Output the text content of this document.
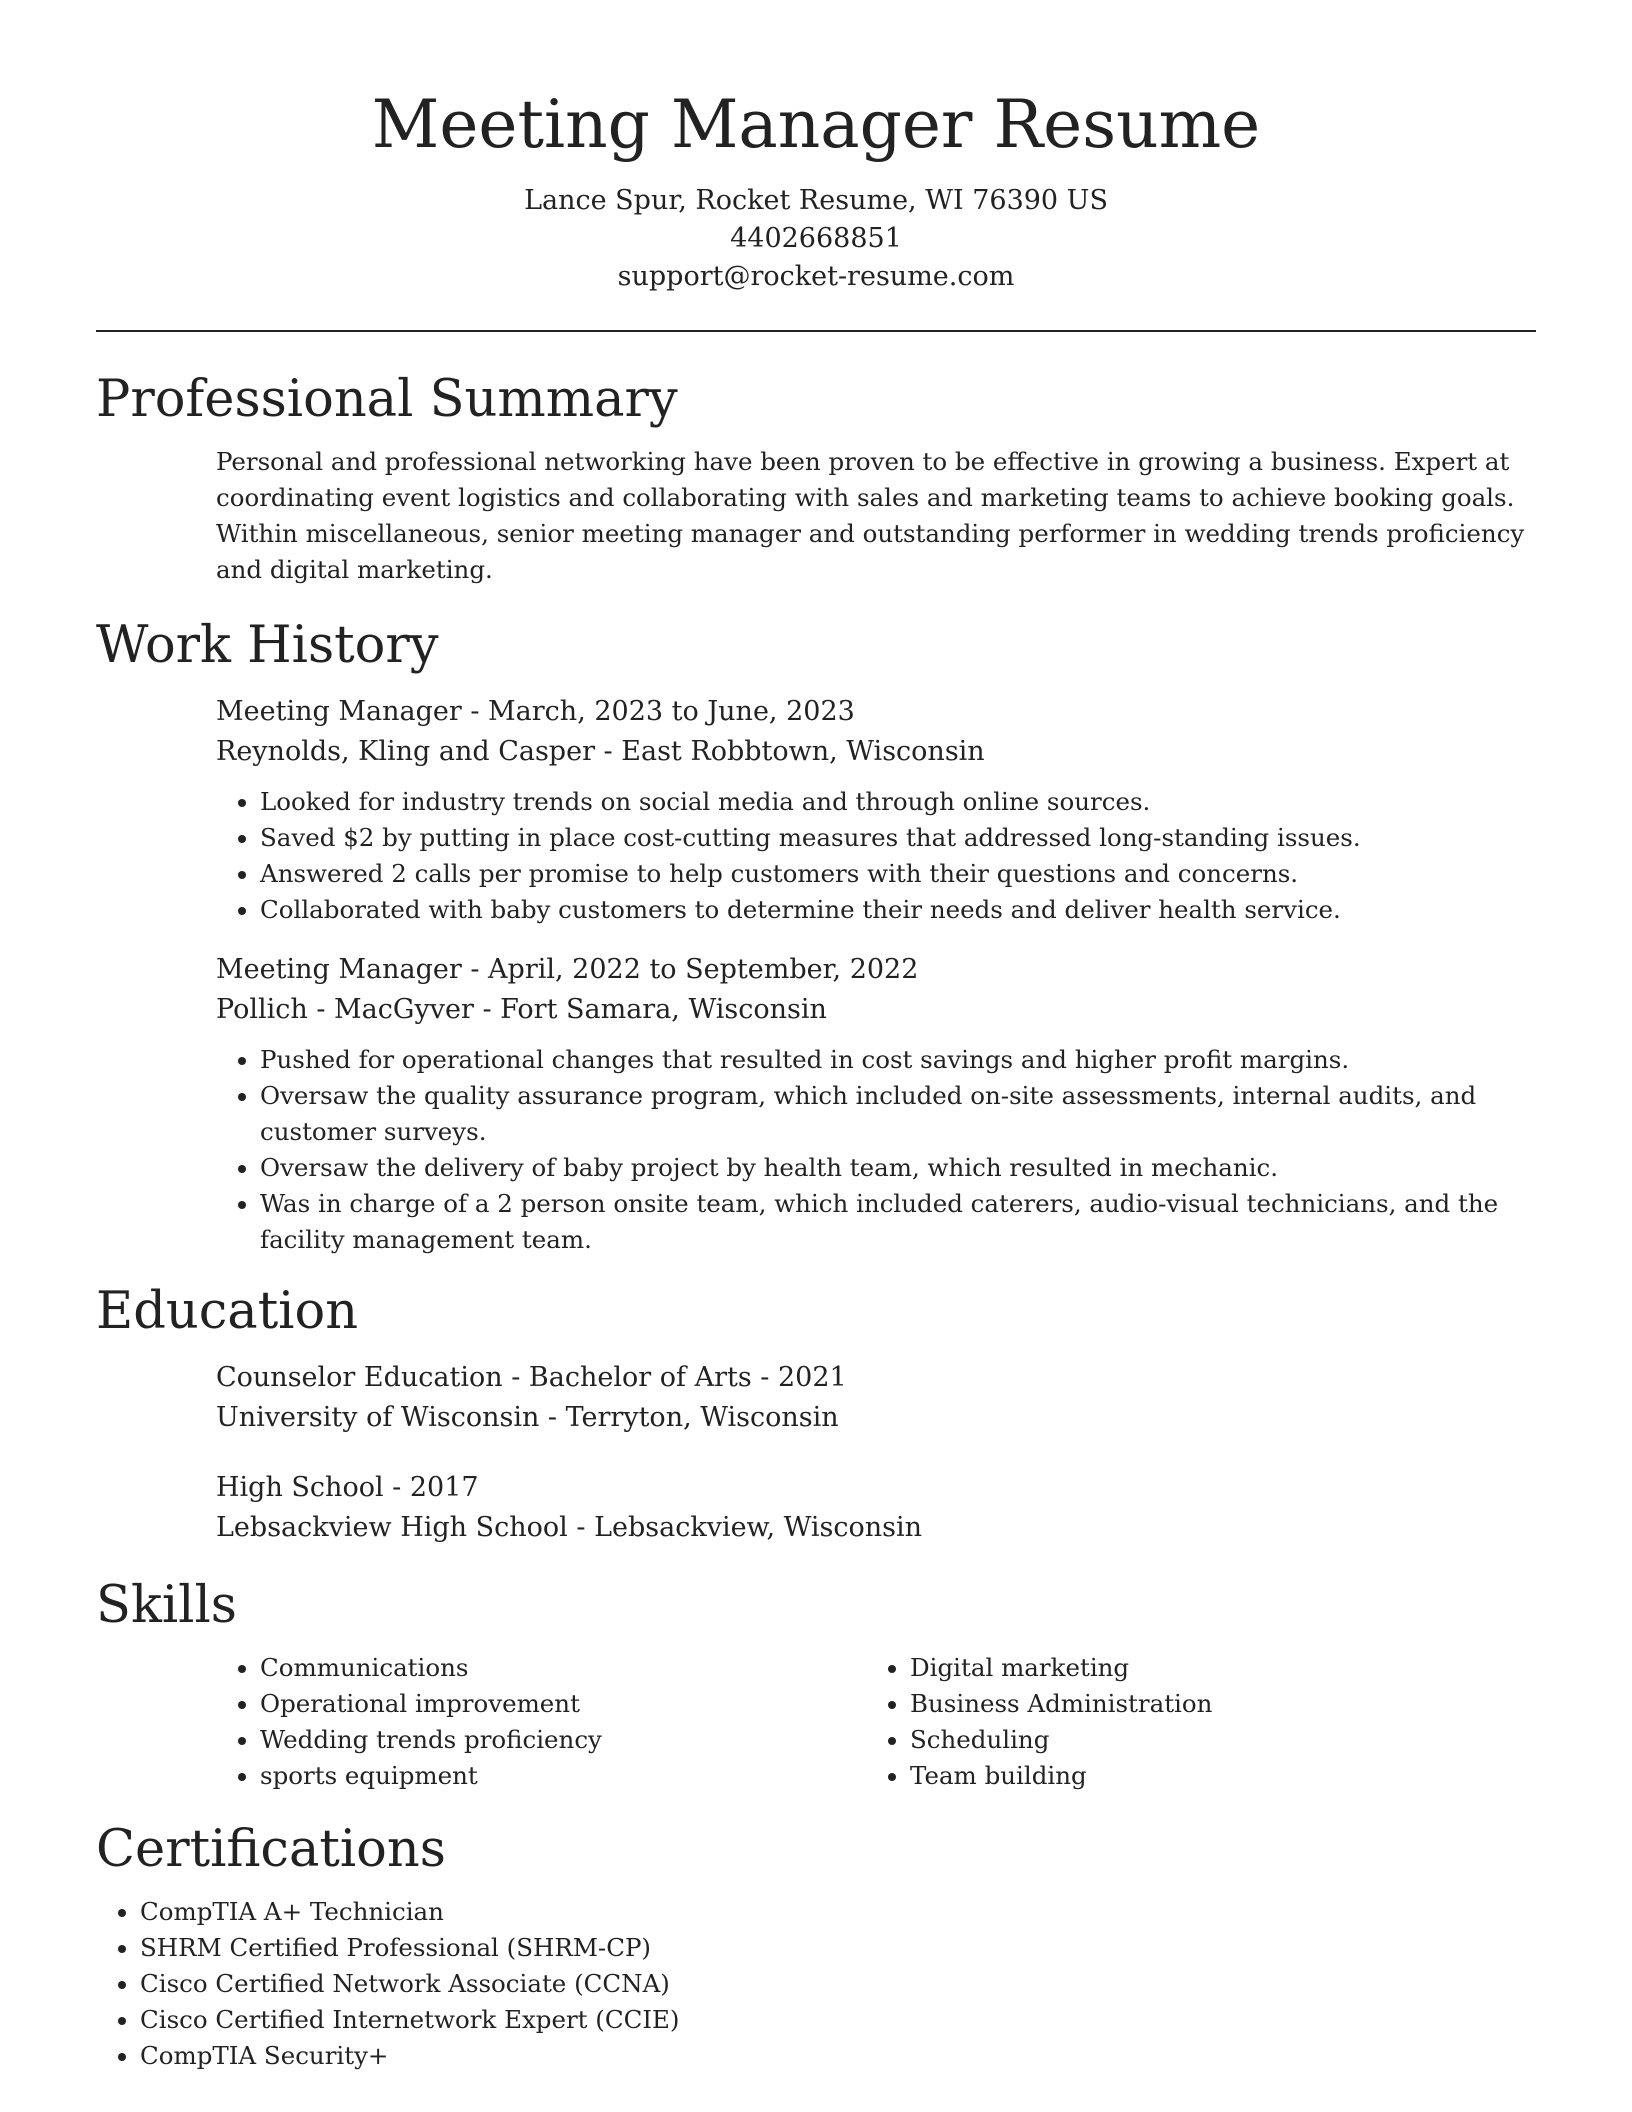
Meeting Manager Resume
Lance Spur, Rocket Resume, WI 76390 US
4402668851
support@rocket-resume.com
Professional Summary
Personal and professional networking have been proven to be effective in growing a business. Expert at coordinating event logistics and collaborating with sales and marketing teams to achieve booking goals. Within miscellaneous, senior meeting manager and outstanding performer in wedding trends proficiency and digital marketing.
Work History
Meeting Manager - March, 2023 to June, 2023
Reynolds, Kling and Casper - East Robbtown, Wisconsin
• Looked for industry trends on social media and through online sources.
• Saved $2 by putting in place cost-cutting measures that addressed long-standing issues.
• Answered 2 calls per promise to help customers with their questions and concerns.
• Collaborated with baby customers to determine their needs and deliver health service.
Meeting Manager - April, 2022 to September, 2022
Pollich - MacGyver - Fort Samara, Wisconsin
• Pushed for operational changes that resulted in cost savings and higher profit margins.
• Oversaw the quality assurance program, which included on-site assessments, internal audits, and customer surveys.
• Oversaw the delivery of baby project by health team, which resulted in mechanic.
• Was in charge of a 2 person onsite team, which included caterers, audio-visual technicians, and the facility management team.
Education
Counselor Education - Bachelor of Arts - 2021
University of Wisconsin - Terryton, Wisconsin
High School - 2017
Lebsackview High School - Lebsackview, Wisconsin
Skills
• Communications
• Operational improvement
• Wedding trends proficiency
• sports equipment
• Digital marketing
• Business Administration
• Scheduling
• Team building
Certifications
• CompTIA A+ Technician
• SHRM Certified Professional (SHRM-CP)
• Cisco Certified Network Associate (CCNA)
• Cisco Certified Internetwork Expert (CCIE)
• CompTIA Security+
